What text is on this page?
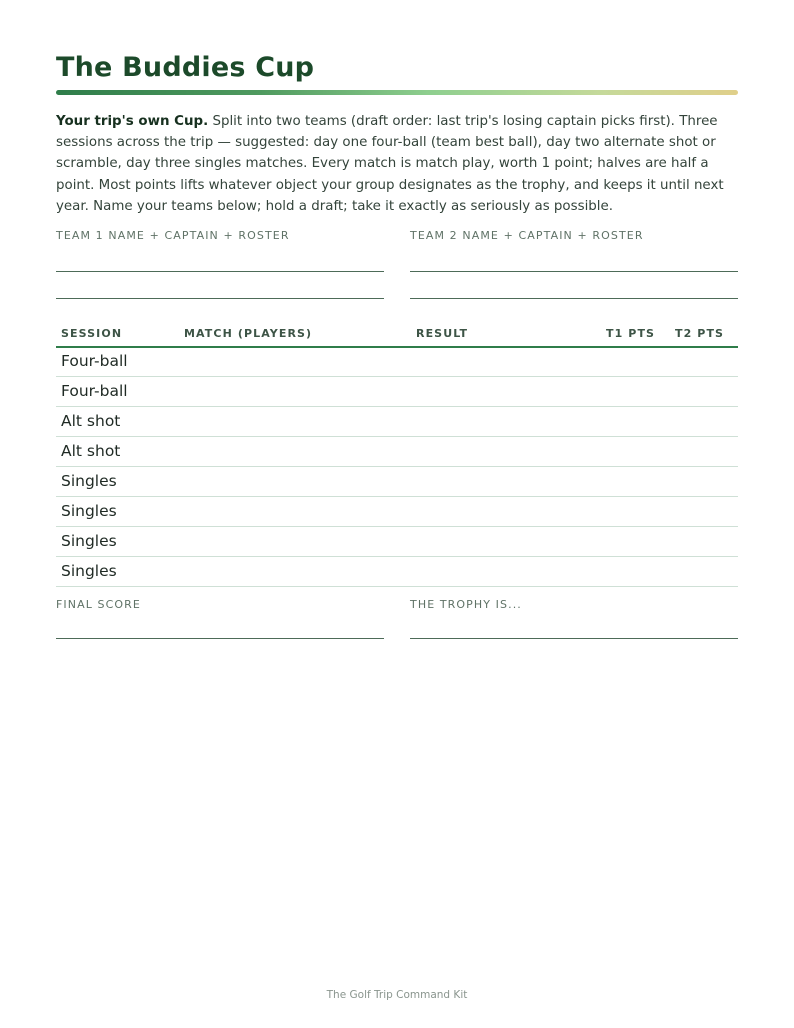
The Buddies Cup

Your trip's own Cup. Split into two teams (draft order: last trip's losing captain picks first). Three sessions across the trip — suggested: day one four-ball (team best ball), day two alternate shot or scramble, day three singles matches. Every match is match play, worth 1 point; halves are half a point. Most points lifts whatever object your group designates as the trophy, and keeps it until next year. Name your teams below; hold a draft; take it exactly as seriously as possible.

TEAM 1 NAME + CAPTAIN + ROSTER	TEAM 2 NAME + CAPTAIN + ROSTER
SESSION	MATCH (PLAYERS)	RESULT	T1 PTS T2 PTS
Four-ball
Four-ball
Alt shot
Alt shot
Singles
Singles
Singles
Singles
FINAL SCORE	THE TROPHY IS...
The Golf Trip Command Kit
